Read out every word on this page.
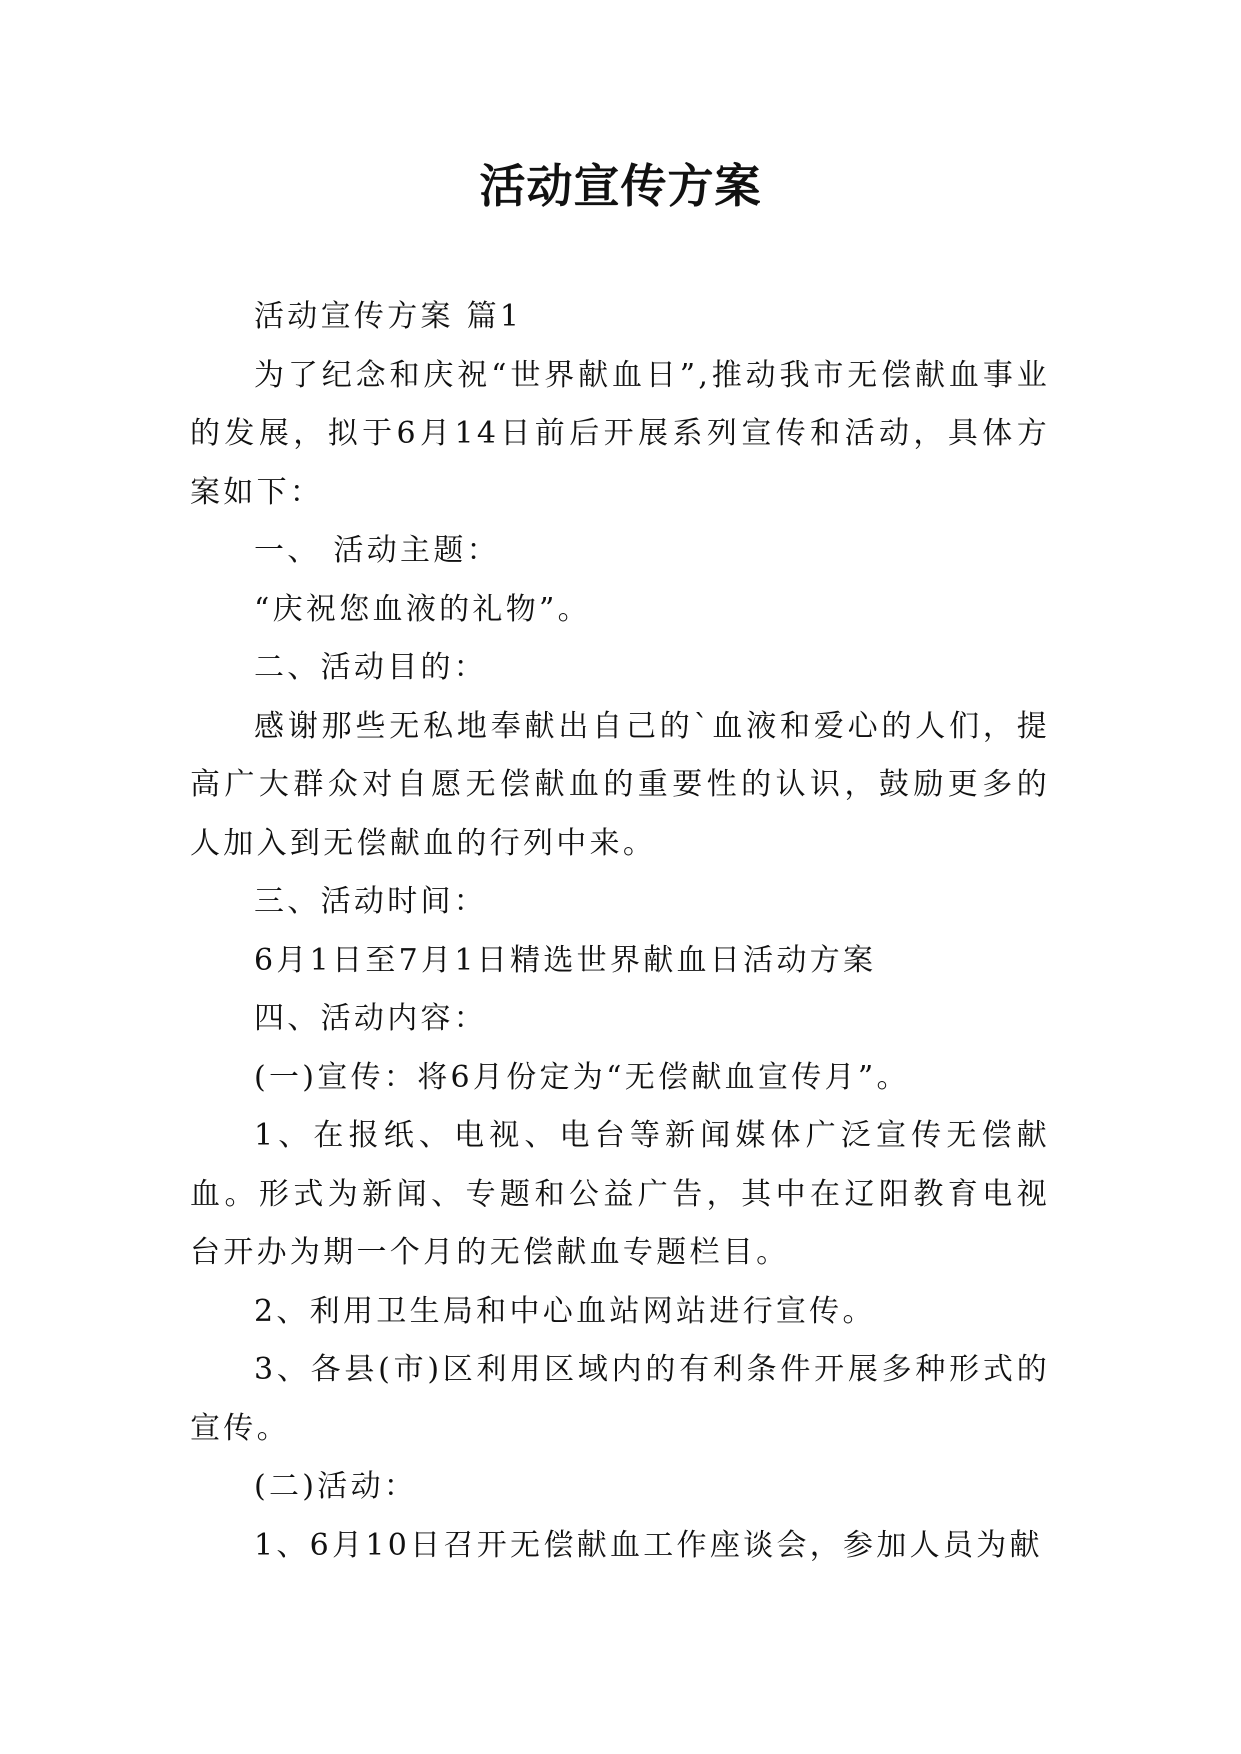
活动宣传方案

活动宣传方案 篇1

为了纪念和庆祝“世界献血日”,推动我市无偿献血事业的发展，拟于6月14日前后开展系列宣传和活动，具体方案如下：

一、 活动主题：

“庆祝您血液的礼物”。

二、活动目的：

感谢那些无私地奉献出自己的`血液和爱心的人们，提高广大群众对自愿无偿献血的重要性的认识，鼓励更多的人加入到无偿献血的行列中来。

三、活动时间：

6月1日至7月1日精选世界献血日活动方案

四、活动内容：

(一)宣传：将6月份定为“无偿献血宣传月”。

1、在报纸、电视、电台等新闻媒体广泛宣传无偿献血。形式为新闻、专题和公益广告，其中在辽阳教育电视台开办为期一个月的无偿献血专题栏目。

2、利用卫生局和中心血站网站进行宣传。

3、各县(市)区利用区域内的有利条件开展多种形式的宣传。

(二)活动：

1、6月10日召开无偿献血工作座谈会，参加人员为献
